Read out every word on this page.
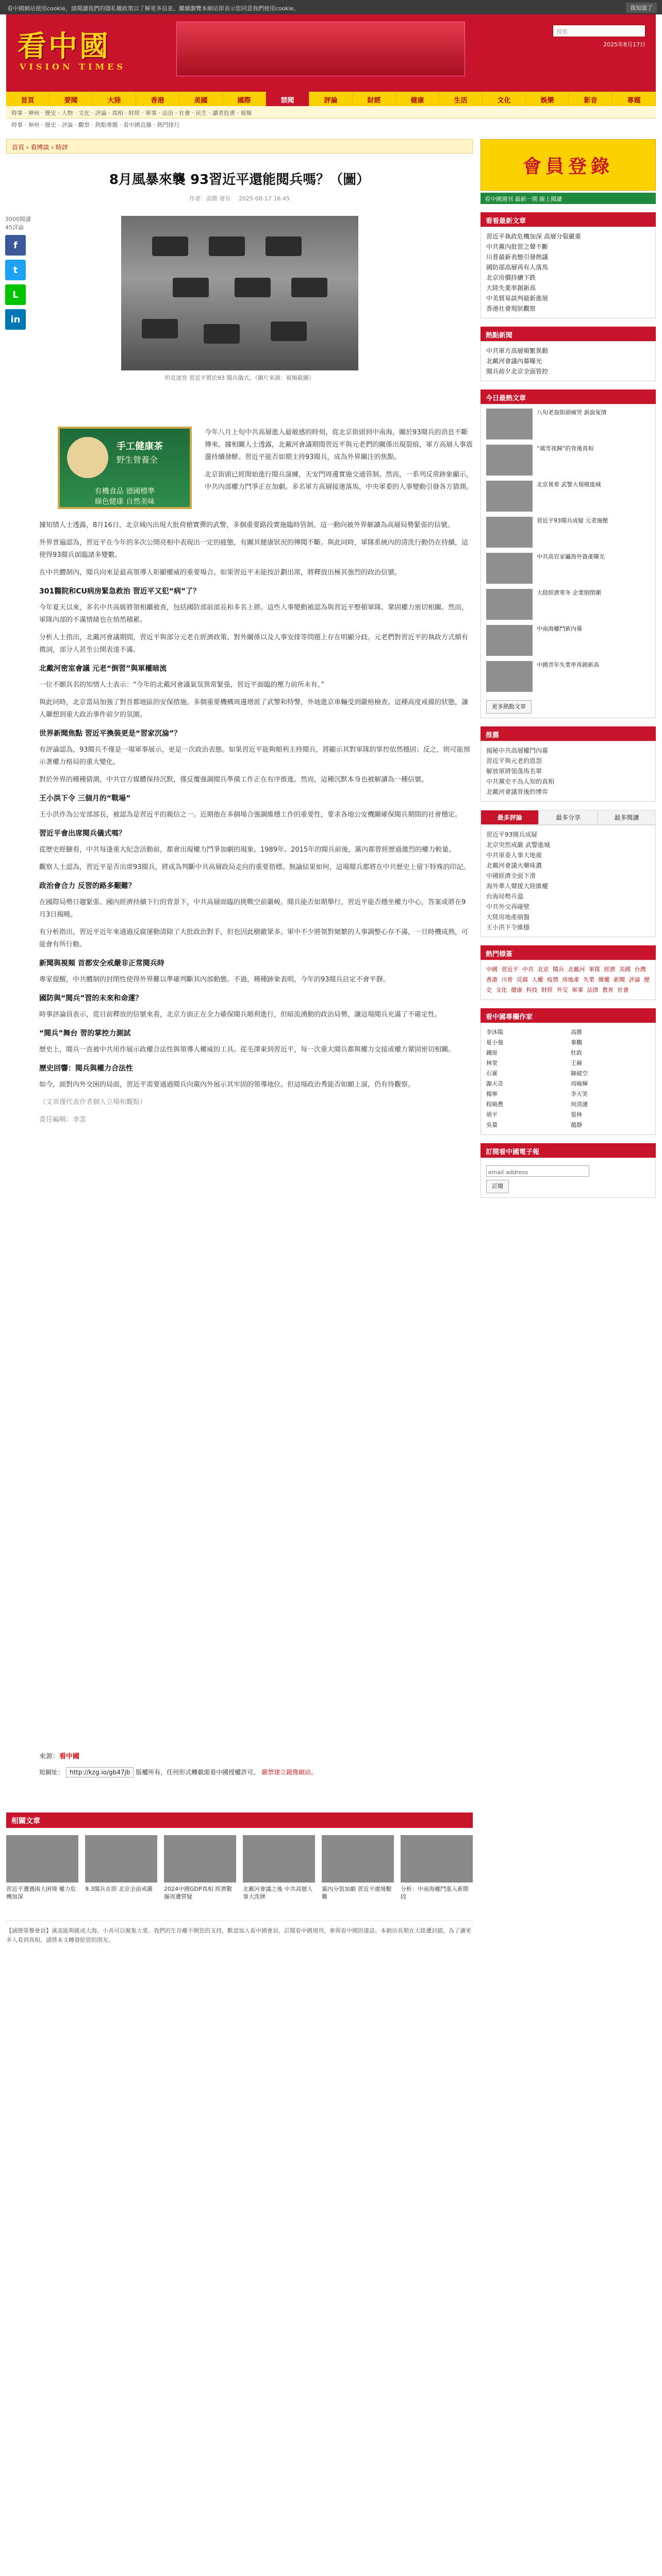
看中國網站使用cookie，請閱讀我們的隱私權政策以了解更多信息。繼續瀏覽本網站即表示您同意我們使用cookie。	我知道了
看中國
VISION TIMES
搜索
2025年8月17日
首頁	要聞	大陸	香港	美國	國際	禁聞	評論	財經	健康	生活	文化	娛樂	影音	專題
時事 · 神州 · 歷史 · 人物 · 文化 · 評論 · 真相 · 財經 · 軍事 · 法治 · 社會 · 民生 · 讀者投書 · 視頻
時事 · 神州 · 歷史 · 評論 · 觀察 · 熱點專題 · 看中國直播 · 熱門排行
首頁 › 看博談 › 時評
8月風暴來襲 93習近平還能閱兵嗎？（圖）
作者：高勝 發布 2025-08-17 16:45
3000閱讀
45評論
f
t
L
in
坦克迷宮 習近平將於93 閱兵儀式。（圖片來源：視頻截圖）
手工健康茶
野生營養全
有機食品 德國標準
綠色健康 自然美味

今年八月上旬中共高層進入最敏感的時刻，從北京街頭到中南海，關於93閱兵的消息不斷傳來。據相關人士透露，北戴河會議期間習近平與元老們的關係出現裂痕，軍方高層人事震盪持續發酵。習近平能否如期主持93閱兵，成為外界關注的焦點。

北京街頭已經開始進行閱兵演練，天安門周邊實施交通管制。然而，一系列反常跡象顯示，中共內部權力鬥爭正在加劇。多名軍方高層接連落馬，中央軍委的人事變動引發各方猜測。

據知情人士透露，8月16日，北京城內出現大批荷槍實彈的武警，多個重要路段實施臨時管制。這一動向被外界解讀為高層局勢緊張的信號。

外界普遍認為，習近平在今年的多次公開亮相中表現出一定的疲態，有關其健康狀況的傳聞不斷。與此同時，軍隊系統內的清洗行動仍在持續，這使得93閱兵面臨諸多變數。

在中共體制內，閱兵向來是最高領導人彰顯權威的重要場合。如果習近平未能按計劃出席，將釋放出極其強烈的政治信號。

301醫院和CU病房緊急救治 習近平又犯“病”了？

今年夏天以來，多名中共高級將領相繼被查，包括國防部前部長和多名上將。這些人事變動被認為與習近平整頓軍隊、鞏固權力密切相關。然而，軍隊內部的不滿情緒也在悄然積累。

分析人士指出，北戴河會議期間，習近平與部分元老在經濟政策、對外關係以及人事安排等問題上存在明顯分歧。元老們對習近平的執政方式頗有微詞，部分人甚至公開表達不滿。

北戴河密室會議 元老“倒習”與軍權暗流

一位不願具名的知情人士表示：“今年的北戴河會議氣氛異常緊張，習近平面臨的壓力前所未有。”

與此同時，北京當局加強了對首都地區的安保措施。多個重要機構周邊增派了武警和特警，外地進京車輛受到嚴格檢查。這種高度戒備的狀態，讓人聯想到重大政治事件前夕的氛圍。

世界新聞焦點 習近平換裝更是“習家沉淪”？

有評論認為，93閱兵不僅是一場軍事展示，更是一次政治表態。如果習近平能夠順利主持閱兵，將顯示其對軍隊的掌控依然穩固；反之，則可能預示著權力格局的重大變化。

對於外界的種種猜測，中共官方媒體保持沉默，僅反覆強調閱兵準備工作正在有序推進。然而，這種沉默本身也被解讀為一種信號。

王小洪下令 三個月的“戰場”

王小洪作為公安部部長，被認為是習近平的親信之一。近期他在多個場合強調維穩工作的重要性，要求各地公安機關確保閱兵期間的社會穩定。

習近平會出席閱兵儀式嗎？

從歷史經驗看，中共每逢重大紀念活動前，都會出現權力鬥爭加劇的現象。1989年、2015年的閱兵前後，黨內都曾經歷過激烈的權力較量。

觀察人士認為，習近平是否出席93閱兵，將成為判斷中共高層政局走向的重要指標。無論結果如何，這場閱兵都將在中共歷史上留下特殊的印記。

政治會合力 反習的路多艱難？

在國際局勢日趨緊張、國內經濟持續下行的背景下，中共高層面臨的挑戰空前嚴峻。閱兵能否如期舉行，習近平能否穩坐權力中心，答案或將在9月3日揭曉。

有分析指出，習近平近年來通過反腐運動清除了大批政治對手，但也因此樹敵眾多。軍中不少將領對頻繁的人事調整心存不滿，一旦時機成熟，可能會有所行動。

新聞與視頻 首都安全戒嚴非正常閱兵時

專家提醒，中共體制的封閉性使得外界難以準確判斷其內部動態。不過，種種跡象表明，今年的93閱兵註定不會平靜。

國防與“閱兵”習的未來和命運？

時事評論員表示，從目前釋放的信號來看，北京方面正在全力確保閱兵順利進行，但暗流湧動的政治局勢，讓這場閱兵充滿了不確定性。

“閱兵”舞台 習的掌控力測試

歷史上，閱兵一直被中共用作展示政權合法性與領導人權威的工具。從毛澤東到習近平，每一次重大閱兵都與權力交接或權力鞏固密切相關。

歷史回響：閱兵與權力合法性

如今，面對內外交困的局面，習近平需要通過閱兵向黨內外展示其牢固的領導地位。但這場政治秀能否如願上演，仍有待觀察。

（文章僅代表作者個人立場和觀點）

責任編輯：李雲

來源：看中國
短網址： http://kzg.io/gb47jb 版權所有，任何形式轉載需看中國授權許可。 嚴禁建立鏡像網站。
相關文章
習近平遭遇兩大困境 權力危機加深
9.3閱兵在即 北京全面戒嚴	2024中國GDP真相 經濟數據再遭質疑
北戴河會議之後 中共高層人事大洗牌
黨內分裂加劇 習近平處境艱難
分析：中南海權鬥進入新階段
【誠徵榮譽會員】溪流能夠匯成大海，小善可以聚集大愛。我們的生存離不開您的支持，歡迎加入看中國會員，訂閱看中國週刊，參與看中國的建設。本網站長期在大陸遭封鎖，為了讓更多人看到真相，請將本文轉發給您的朋友。
會員登錄
看中國週刊 最新一期 線上閱讀
看看最新文章
習近平執政危機加深 高層分裂嚴重
中共黨內批習之聲不斷
川普最新表態引發熱議
國防部高層再有人落馬
北京房價持續下跌
大陸失業率創新高
中美貿易談判最新進展
香港社會現狀觀察
熱點新聞
中共軍方高層頻繁異動
北戴河會議內幕曝光
閱兵前夕北京全面管控
今日最熱文章
八旬老翁街頭痛哭 訴說冤情
“風雪夜歸”的背後真相
北京異常 武警大規模進城
習近平93閱兵成疑 元老施壓
中共高官家屬海外資產曝光
大陸經濟寒冬 企業倒閉潮
中南海權鬥新內幕
中國青年失業率再創新高
更多熱點文章
推薦
揭秘中共高層權鬥內幕
習近平與元老的恩怨
解放軍將領落馬名單
中共黨史不為人知的真相
北戴河會議背後的博弈
最多評論	最多分享	最多閱讀
習近平93閱兵成疑
北京突然戒嚴 武警進城
中共軍委人事大地震
北戴河會議火藥味濃
中國經濟全面下滑
海外華人聲援大陸維權
台海局勢升溫
中共外交再碰壁
大陸房地產崩盤
王小洪下令維穩
熱門標簽
中國 習近平 中共 北京 閱兵 北戴河 軍隊 經濟 美國 台灣 香港 川普 反腐 人權 疫情 房地產 失業 維權 新聞 評論 歷史 文化 健康 科技 財經 外交 軍事 法律 教育 社會
看中國專欄作家
李沐陽	高勝
夏小強	秦鵬
鍾原	杜政
林堂	王赫
石實	陳破空
謝天奇	周曉輝
楊寧	李天笑
程曉農	何清漣
胡平	張林
吳量	趙靜
訂閱看中國電子報
email address
訂閱
